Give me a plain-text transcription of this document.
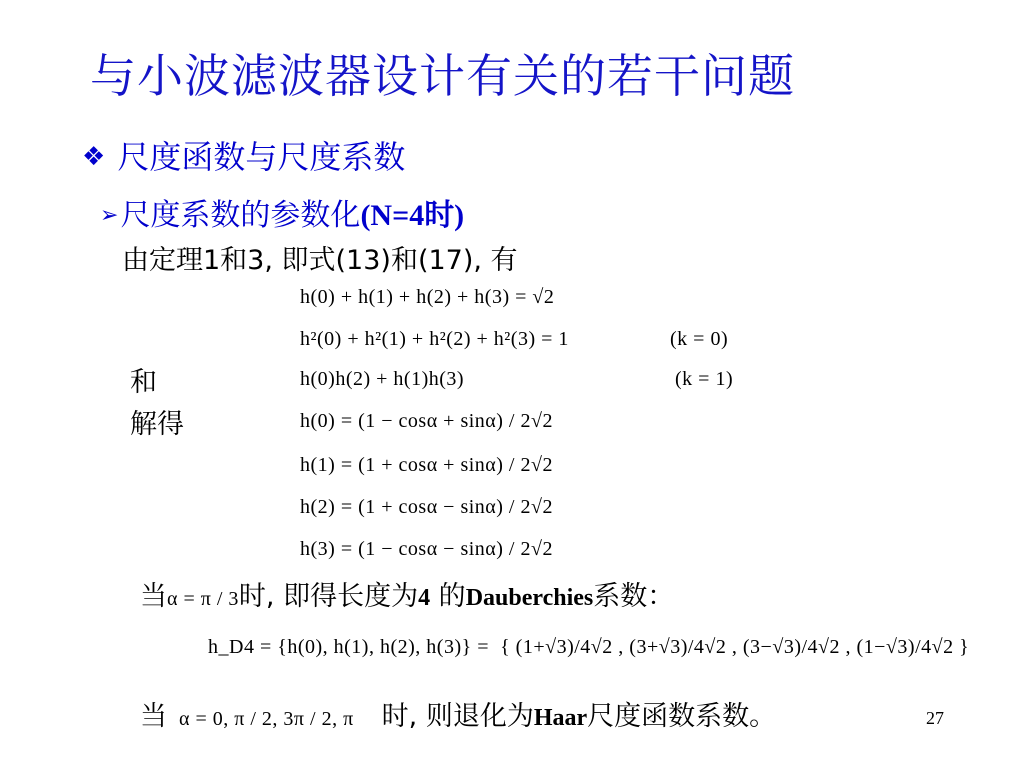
与小波滤波器设计有关的若干问题
❖ 尺度函数与尺度系数
➢尺度系数的参数化(N=4时)
由定理1和3, 即式(13)和(17), 有
h(0) + h(1) + h(2) + h(3) = √2
h²(0) + h²(1) + h²(2) + h²(3) = 1	(k = 0)
和	h(0)h(2) + h(1)h(3)	(k = 1)
解得	h(0) = (1 − cosα + sinα) / 2√2
h(1) = (1 + cosα + sinα) / 2√2
h(2) = (1 + cosα − sinα) / 2√2
h(3) = (1 − cosα − sinα) / 2√2
当α = π / 3时, 即得长度为4 的Dauberchies系数：
h_D4 = {h(0), h(1), h(2), h(3)} = { (1+√3)/4√2 , (3+√3)/4√2 , (3−√3)/4√2 , (1−√3)/4√2 }
当 α = 0, π / 2, 3π / 2, π 时, 则退化为Haar尺度函数系数。	27
